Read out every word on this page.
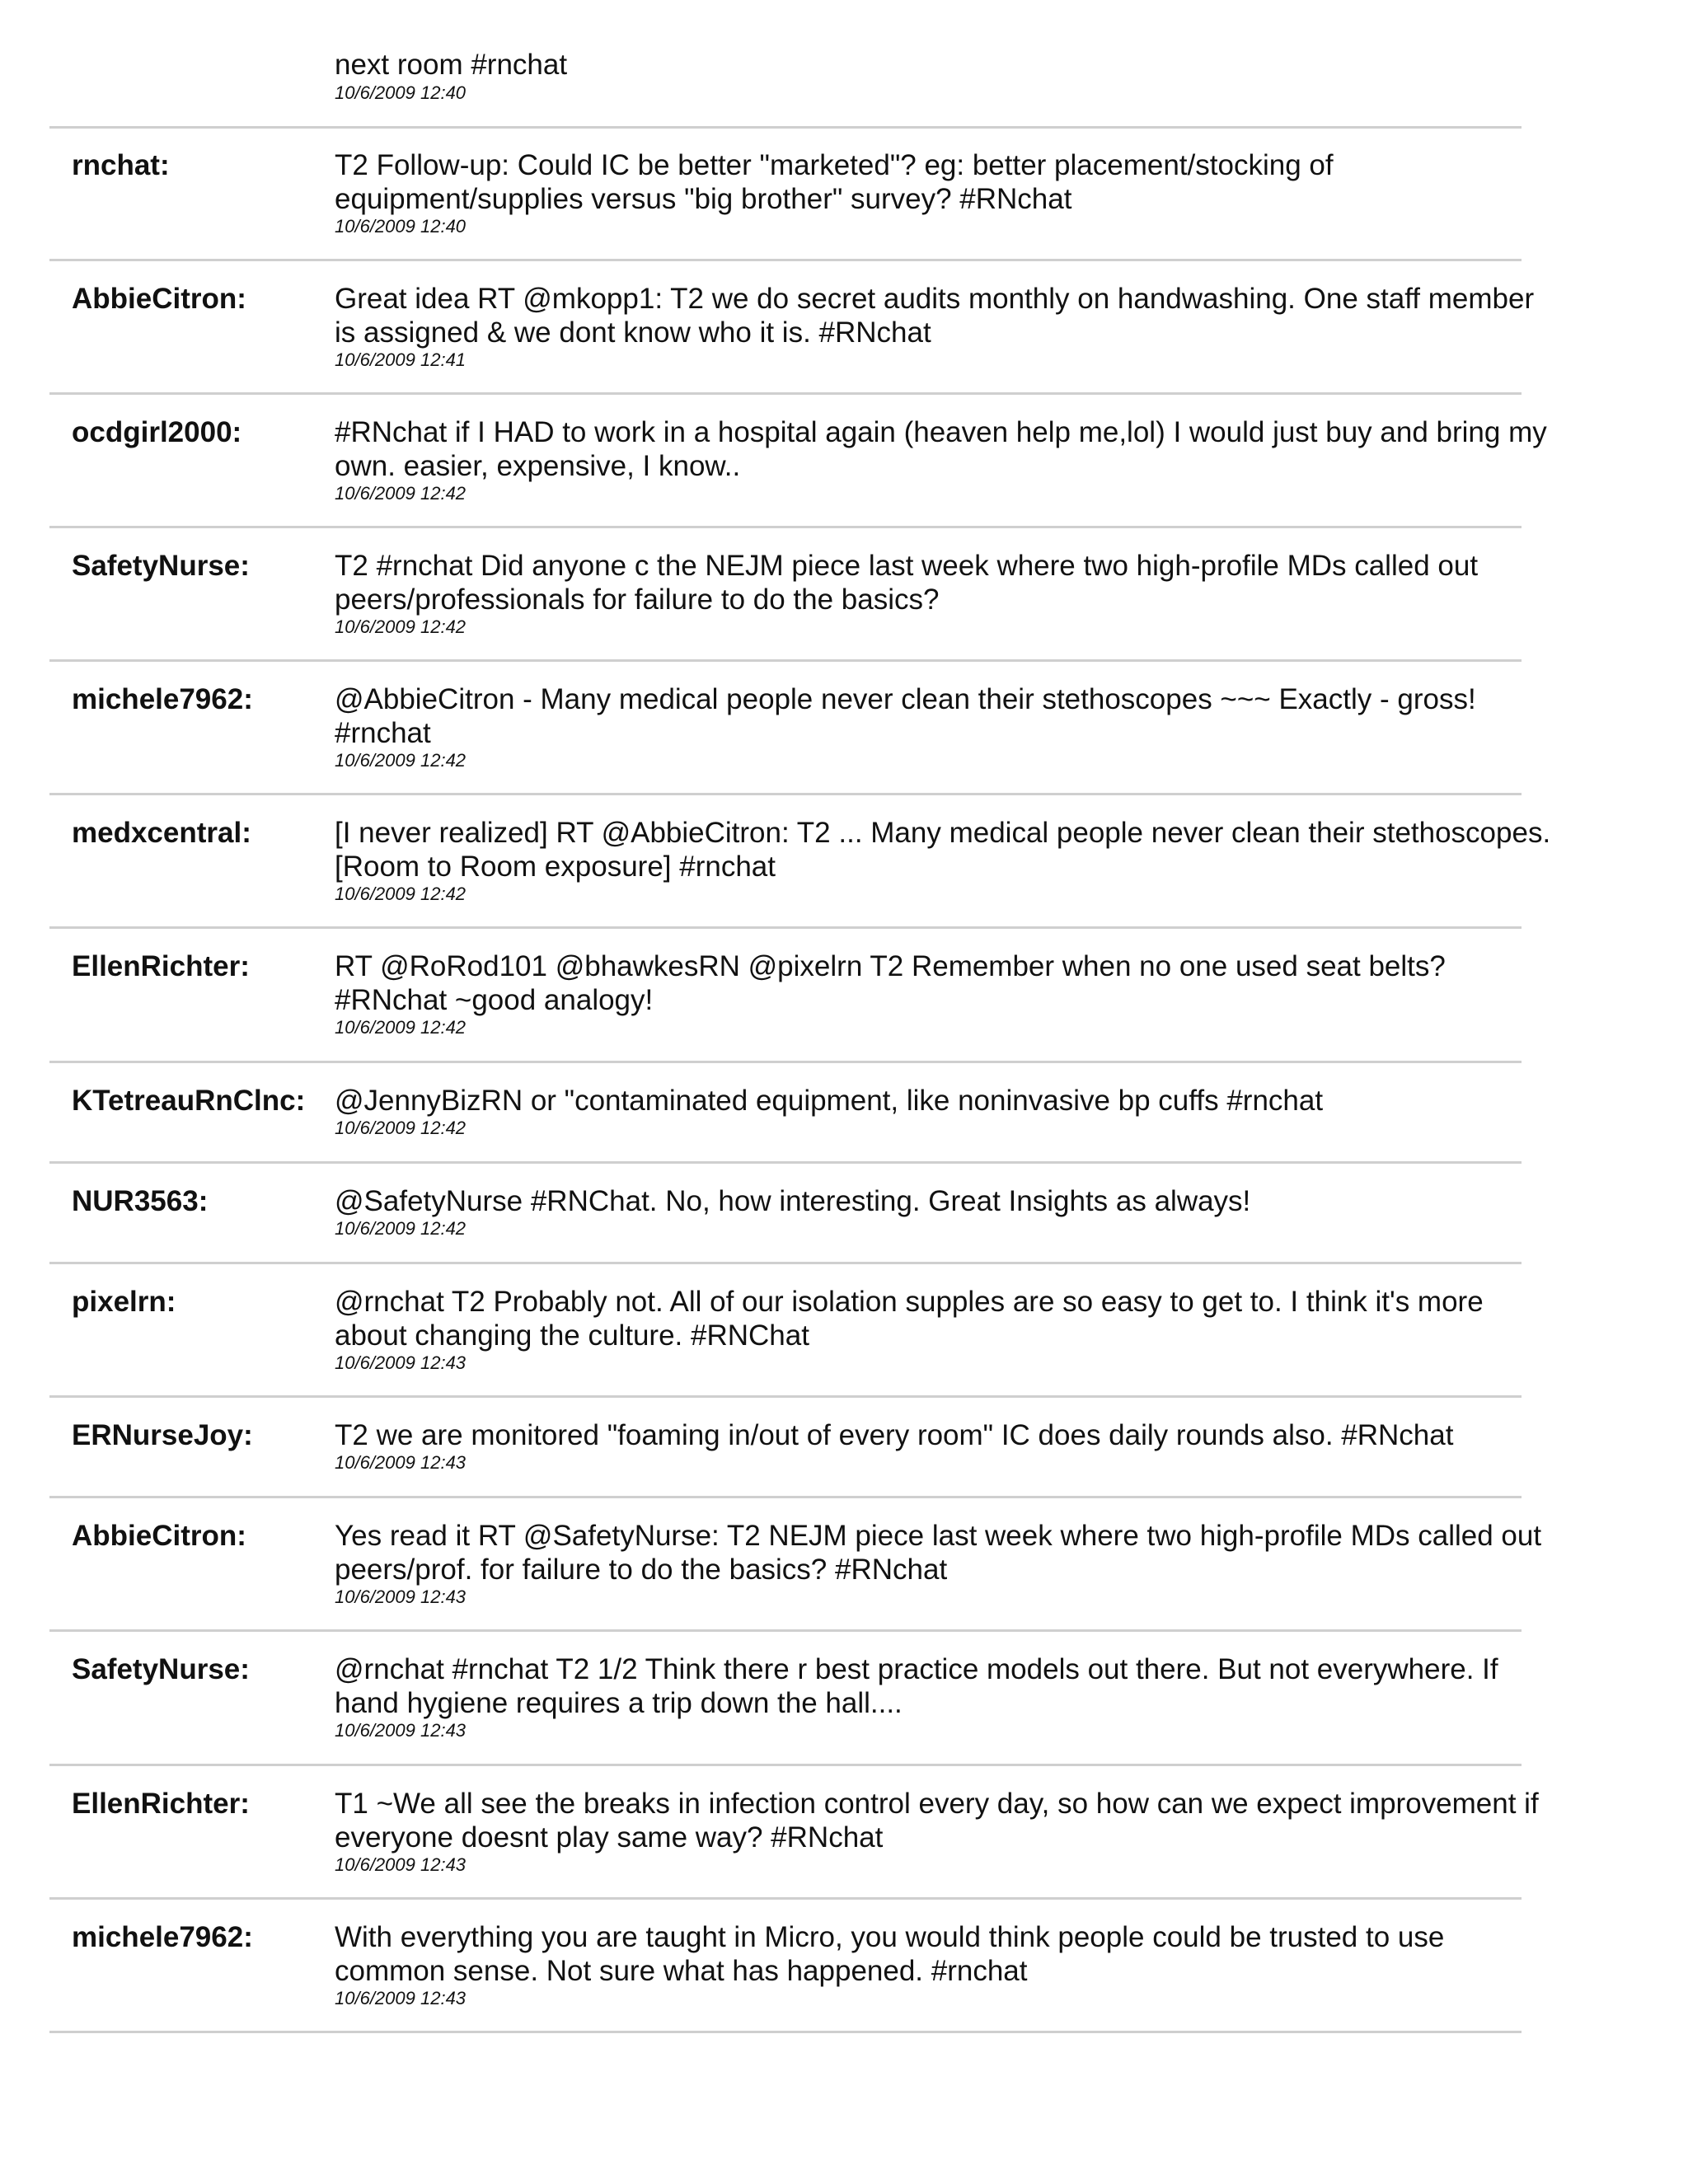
next room #rnchat
10/6/2009 12:40
rnchat:	T2 Follow-up: Could IC be better "marketed"? eg: better placement/stocking of equipment/supplies versus "big brother" survey? #RNchat
10/6/2009 12:40
AbbieCitron:	Great idea RT @mkopp1: T2 we do secret audits monthly on handwashing. One staff member is assigned & we dont know who it is. #RNchat
10/6/2009 12:41
ocdgirl2000:	#RNchat if I HAD to work in a hospital again (heaven help me,lol) I would just buy and bring my own. easier, expensive, I know..
10/6/2009 12:42
SafetyNurse:	T2 #rnchat Did anyone c the NEJM piece last week where two high-profile MDs called out peers/professionals for failure to do the basics?
10/6/2009 12:42
michele7962:	@AbbieCitron - Many medical people never clean their stethoscopes ~~~ Exactly - gross! #rnchat
10/6/2009 12:42
medxcentral:	[I never realized] RT @AbbieCitron: T2 ... Many medical people never clean their stethoscopes. [Room to Room exposure] #rnchat
10/6/2009 12:42
EllenRichter:	RT @RoRod101 @bhawkesRN @pixelrn T2 Remember when no one used seat belts? #RNchat ~good analogy!
10/6/2009 12:42
KTetreauRnClnc: @JennyBizRN or "contaminated equipment, like noninvasive bp cuffs #rnchat
10/6/2009 12:42
NUR3563:	@SafetyNurse #RNChat. No, how interesting. Great Insights as always!
10/6/2009 12:42
pixelrn:	@rnchat T2 Probably not. All of our isolation supples are so easy to get to. I think it's more about changing the culture. #RNChat
10/6/2009 12:43
ERNurseJoy:	T2 we are monitored "foaming in/out of every room" IC does daily rounds also. #RNchat
10/6/2009 12:43
AbbieCitron:	Yes read it RT @SafetyNurse: T2 NEJM piece last week where two high-profile MDs called out peers/prof. for failure to do the basics? #RNchat
10/6/2009 12:43
SafetyNurse:	@rnchat #rnchat T2 1/2 Think there r best practice models out there. But not everywhere. If hand hygiene requires a trip down the hall....
10/6/2009 12:43
EllenRichter:	T1 ~We all see the breaks in infection control every day, so how can we expect improvement if everyone doesnt play same way? #RNchat
10/6/2009 12:43
michele7962:	With everything you are taught in Micro, you would think people could be trusted to use common sense. Not sure what has happened. #rnchat
10/6/2009 12:43
